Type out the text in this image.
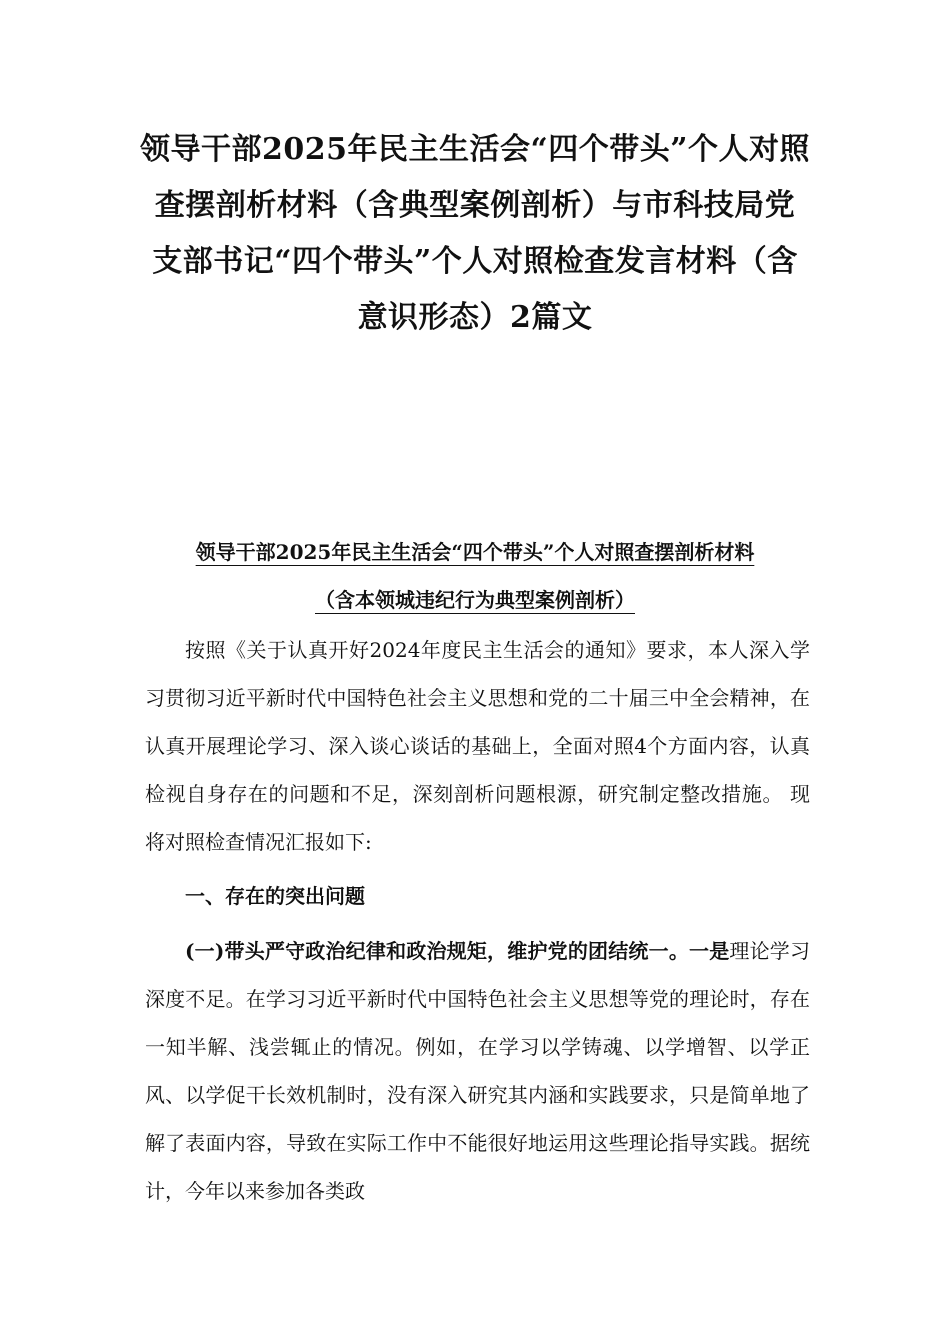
领导干部2025年民主生活会“四个带头”个人对照查摆剖析材料（含典型案例剖析）与市科技局党支部书记“四个带头”个人对照检查发言材料（含意识形态）2篇文

领导干部2025年民主生活会“四个带头”个人对照查摆剖析材料

（含本领城违纪行为典型案例剖析）

按照《关于认真开好2024年度民主生活会的通知》要求，本人深入学习贯彻习近平新时代中国特色社会主义思想和党的二十届三中全会精神，在认真开展理论学习、深入谈心谈话的基础上，全面对照4个方面内容，认真检视自身存在的问题和不足，深刻剖析问题根源，研究制定整改措施。 现将对照检查情况汇报如下:

一、存在的突出问题

(一)带头严守政治纪律和政治规矩，维护党的团结统一。一是理论学习深度不足。在学习习近平新时代中国特色社会主义思想等党的理论时，存在一知半解、浅尝辄止的情况。例如，在学习以学铸魂、以学增智、以学正风、以学促干长效机制时，没有深入研究其内涵和实践要求，只是简单地了解了表面内容，导致在实际工作中不能很好地运用这些理论指导实践。据统计，今年以来参加各类政
